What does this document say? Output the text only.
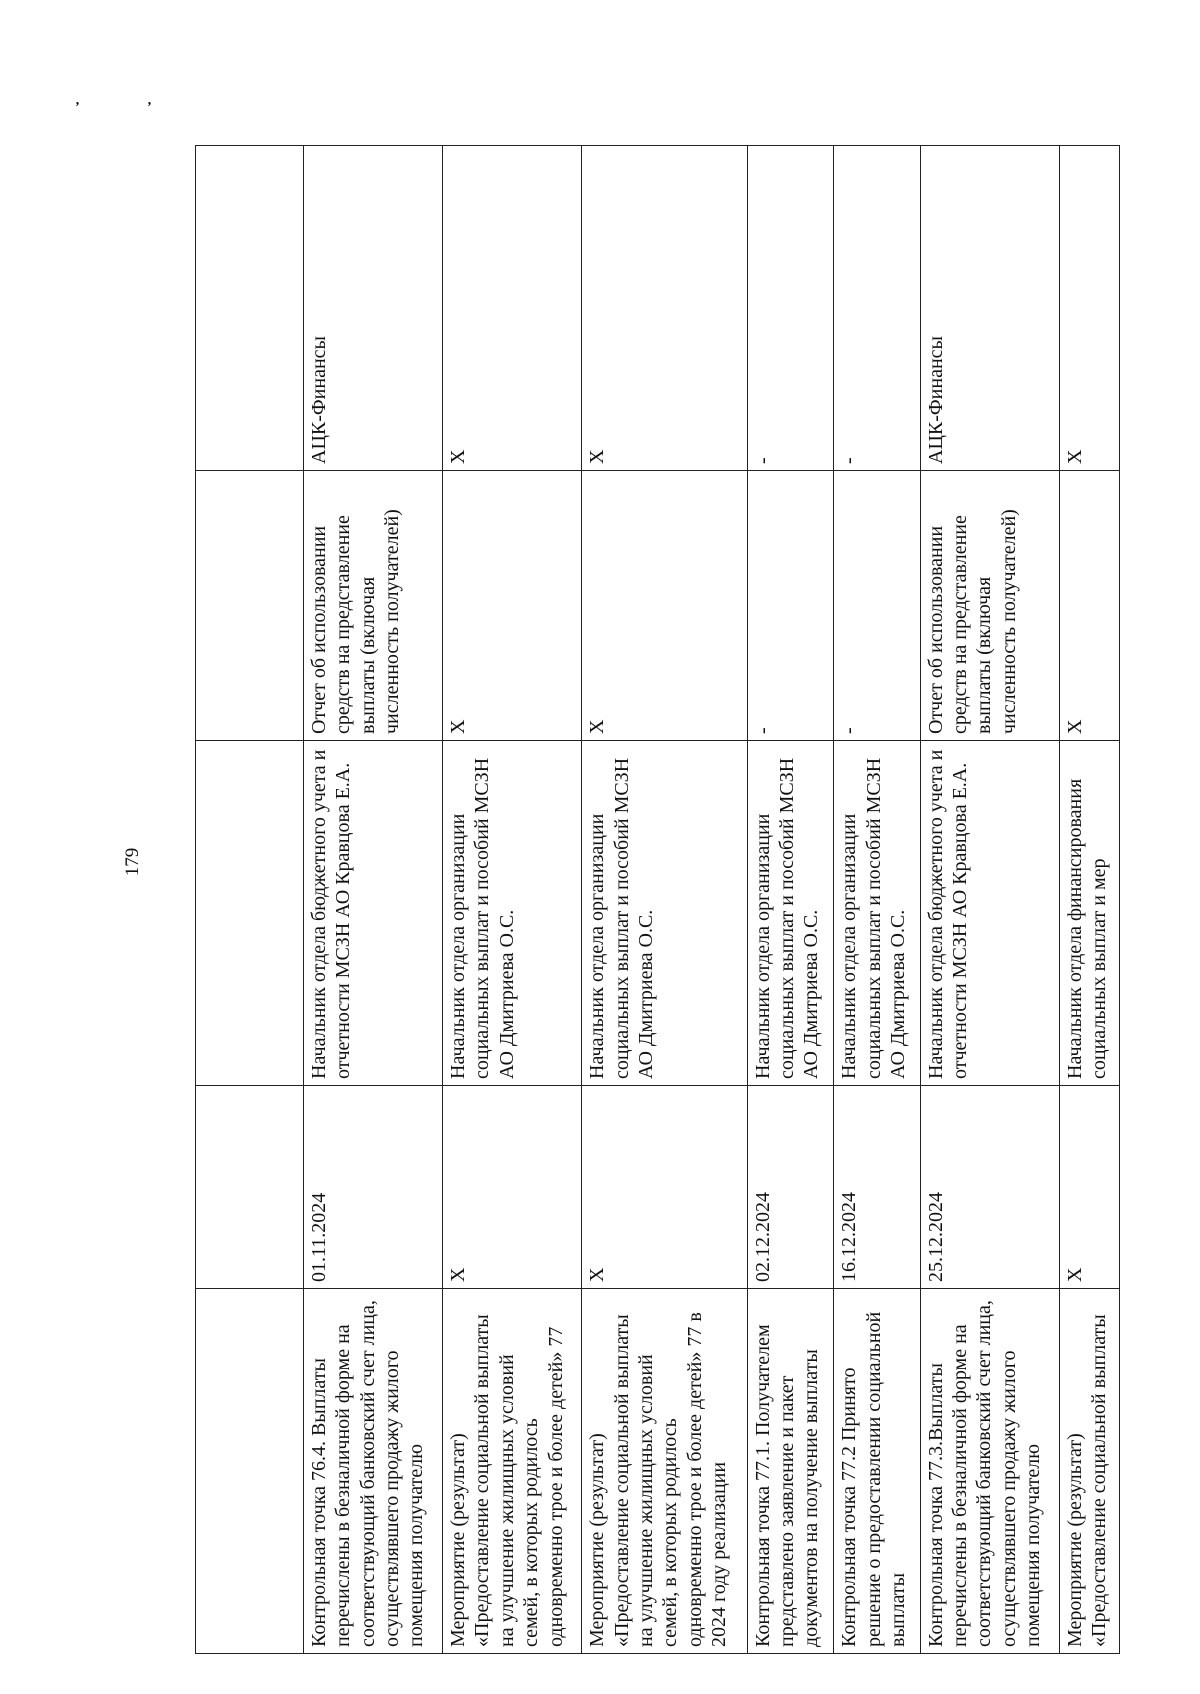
ʼ	ʼ
179

Контрольная точка 76.4. Выплаты перечислены в безналичной форме на соответствующий банковский счет лица, осуществлявшего продажу жилого помещения получателю	01.11.2024	Начальник отдела бюджетного учета и отчетности МСЗН АО Кравцова Е.А.	Отчет об использовании средств на представление выплаты (включая численность получателей)	АЦК-Финансы
Мероприятие (результат) «Предоставление социальной выплаты на улучшение жилищных условий семей, в которых родилось одновременно трое и более детей» 77	X	Начальник отдела организации социальных выплат и пособий МСЗН АО Дмитриева О.С.	X	X
Мероприятие (результат) «Предоставление социальной выплаты на улучшение жилищных условий семей, в которых родилось одновременно трое и более детей» 77 в 2024 году реализации	X	Начальник отдела организации социальных выплат и пособий МСЗН АО Дмитриева О.С.	X	X
Контрольная точка 77.1. Получателем представлено заявление и пакет документов на получение выплаты	02.12.2024	Начальник отдела организации социальных выплат и пособий МСЗН АО Дмитриева О.С.	-	-
Контрольная точка 77.2 Принято решение о предоставлении социальной выплаты	16.12.2024	Начальник отдела организации социальных выплат и пособий МСЗН АО Дмитриева О.С.	-	-
Контрольная точка 77.3.Выплаты перечислены в безналичной форме на соответствующий банковский счет лица, осуществлявшего продажу жилого помещения получателю	25.12.2024	Начальник отдела бюджетного учета и отчетности МСЗН АО Кравцова Е.А.	Отчет об использовании средств на представление выплаты (включая численность получателей)	АЦК-Финансы
Мероприятие (результат) «Предоставление социальной выплаты	X	Начальник отдела финансирования социальных выплат и мер	X	X
